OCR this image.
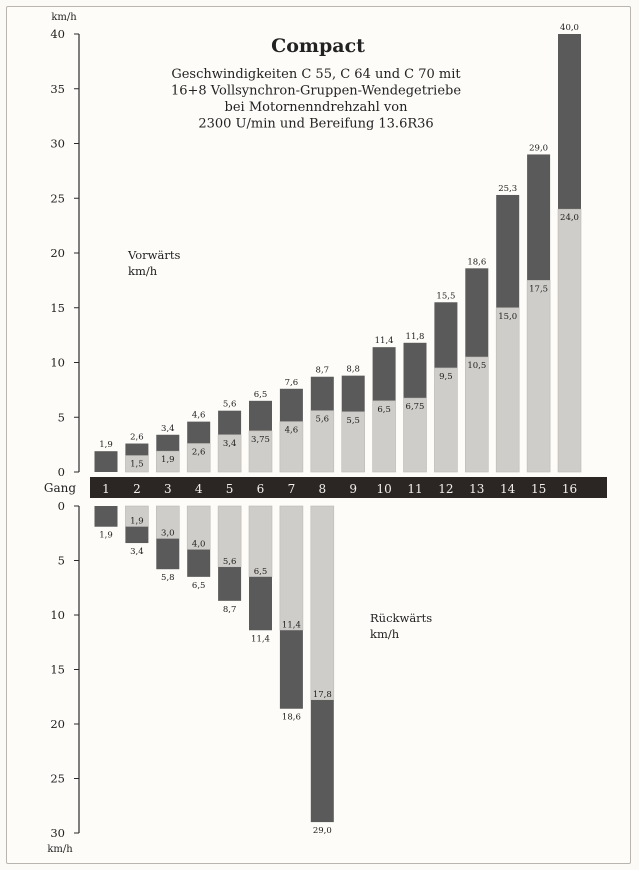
0
5
10
15
20
25
30
35
40
km/h
0
5
10
15
20
25
30
km/h
Gang 1 2 3 4 5 6 7 8 9 10 11 12 13 14 15 16
Compact
Geschwindigkeiten C 55, C 64 und C 70 mit
16+8 Vollsynchron-Gruppen-Wendegetriebe
bei Motornenndrehzahl von
2300 U/min und Bereifung 13.6R36
Vorwärts
km/h
Rückwärts
km/h
1,9
1,5
2,6
1,9
3,4
2,6
4,6
3,4
5,6
3,75
6,5
4,6
7,6
5,6
8,7
5,5
8,8
6,5
11,4
6,75
11,8
9,5
15,5
10,5
18,6
15,0
25,3
17,5
29,0
24,0
40,0
1,9
1,9
3,4
3,0
5,8
4,0
6,5
5,6
8,7
6,5
11,4
11,4
18,6
17,8
29,0
